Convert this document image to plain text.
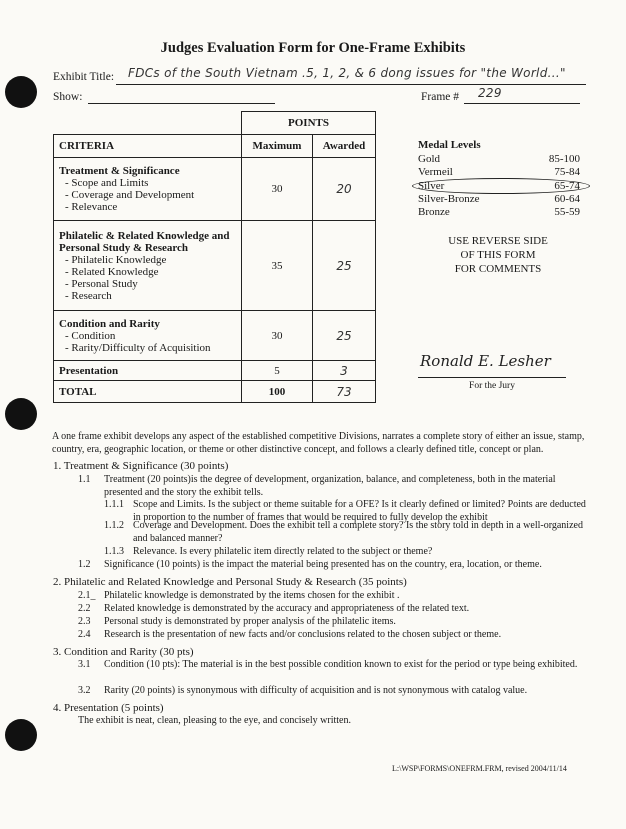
Judges Evaluation Form for One-Frame Exhibits
Exhibit Title: FDCs of the South Vietnam .5, 1, 2, & 6 dong issues for "the World..."
Show:	Frame # 229
	POINTS	
CRITERIA	Maximum	Awarded
Treatment & Significance
- Scope and Limits
- Coverage and Development
- Relevance	30	20
Philatelic & Related Knowledge and Personal Study & Research
- Philatelic Knowledge
- Related Knowledge
- Personal Study
- Research	35	25
Condition and Rarity
- Condition
- Rarity/Difficulty of Acquisition	30	25
Presentation	5	3
TOTAL	100	73
Medal Levels
Gold	85-100
Vermeil	75-84
Silver	65-74
Silver-Bronze	60-64
Bronze	55-59
USE REVERSE SIDE
OF THIS FORM
FOR COMMENTS
Ronald E. Lesher
For the Jury
A one frame exhibit develops any aspect of the established competitive Divisions, narrates a complete story of either an issue, stamp, country, era, geographic location, or theme or other distinctive concept, and follows a clearly defined title, concept or plan.
1. Treatment & Significance (30 points)
1.1 Treatment (20 points)is the degree of development, organization, balance, and completeness, both in the material presented and the story the exhibit tells.
1.1.1 Scope and Limits. Is the subject or theme suitable for a OFE? Is it clearly defined or limited? Points are deducted in proportion to the number of frames that would be required to fully develop the exhibit
1.1.2 Coverage and Development. Does the exhibit tell a complete story? Is the story told in depth in a well-organized and balanced manner?
1.1.3 Relevance. Is every philatelic item directly related to the subject or theme?
1.2 Significance (10 points) is the impact the material being presented has on the country, era, location, or theme.
2. Philatelic and Related Knowledge and Personal Study & Research (35 points)
2.1_ Philatelic knowledge is demonstrated by the items chosen for the exhibit .
2.2 Related knowledge is demonstrated by the accuracy and appropriateness of the related text.
2.3 Personal study is demonstrated by proper analysis of the philatelic items.
2.4 Research is the presentation of new facts and/or conclusions related to the chosen subject or theme.
3. Condition and Rarity (30 pts)
3.1 Condition (10 pts): The material is in the best possible condition known to exist for the period or type being exhibited.
3.2 Rarity (20 points) is synonymous with difficulty of acquisition and is not synonymous with catalog value.
4. Presentation (5 points)
The exhibit is neat, clean, pleasing to the eye, and concisely written.
L:\WSP\FORMS\ONEFRM.FRM, revised 2004/11/14
